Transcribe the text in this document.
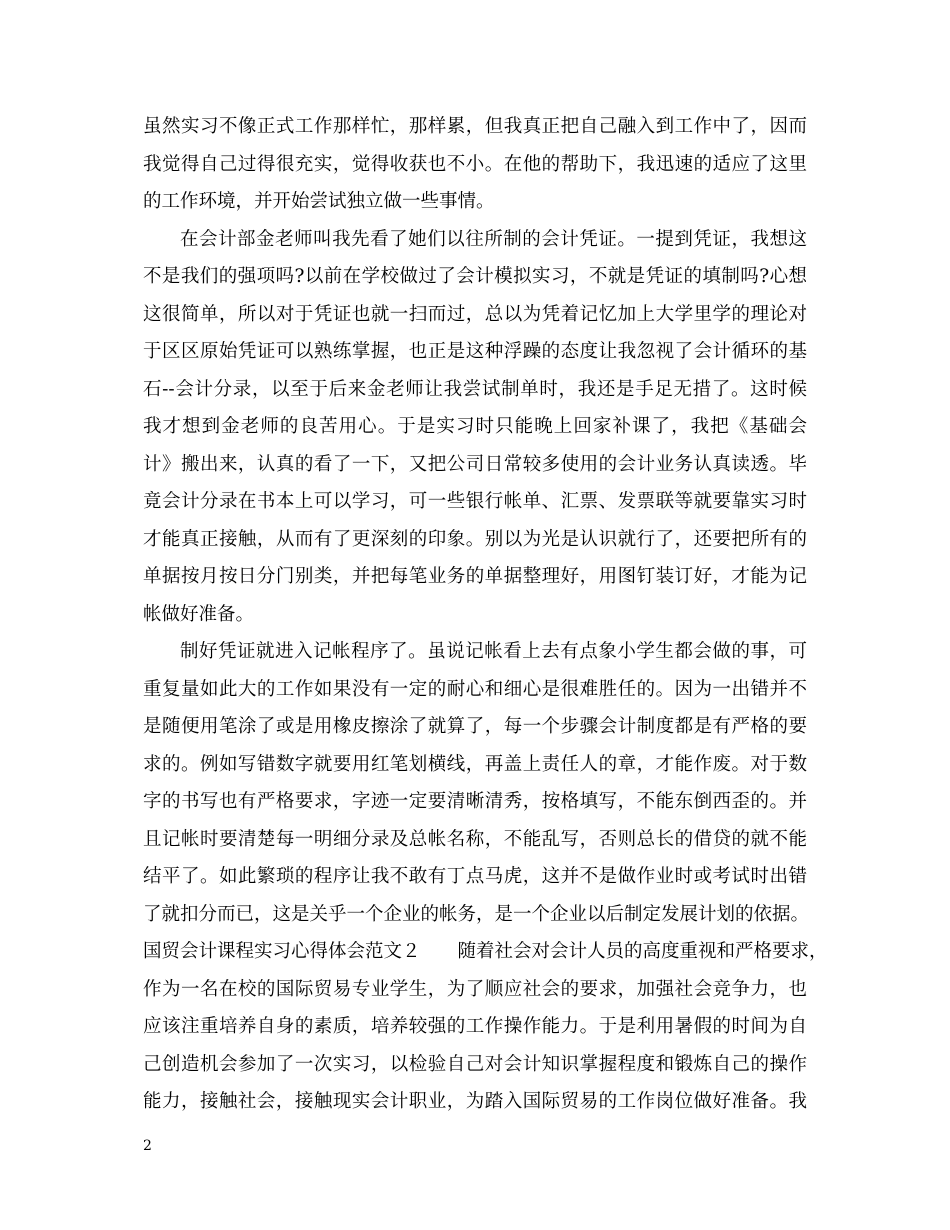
虽然实习不像正式工作那样忙，那样累，但我真正把自己融入到工作中了，因而
我觉得自己过得很充实，觉得收获也不小。在他的帮助下，我迅速的适应了这里
的工作环境，并开始尝试独立做一些事情。
在会计部金老师叫我先看了她们以往所制的会计凭证。一提到凭证，我想这
不是我们的强项吗?以前在学校做过了会计模拟实习，不就是凭证的填制吗?心想
这很简单，所以对于凭证也就一扫而过，总以为凭着记忆加上大学里学的理论对
于区区原始凭证可以熟练掌握，也正是这种浮躁的态度让我忽视了会计循环的基
石--会计分录，以至于后来金老师让我尝试制单时，我还是手足无措了。这时候
我才想到金老师的良苦用心。于是实习时只能晚上回家补课了，我把《基础会
计》搬出来，认真的看了一下，又把公司日常较多使用的会计业务认真读透。毕
竟会计分录在书本上可以学习，可一些银行帐单、汇票、发票联等就要靠实习时
才能真正接触，从而有了更深刻的印象。别以为光是认识就行了，还要把所有的
单据按月按日分门别类，并把每笔业务的单据整理好，用图钉装订好，才能为记
帐做好准备。
制好凭证就进入记帐程序了。虽说记帐看上去有点象小学生都会做的事，可
重复量如此大的工作如果没有一定的耐心和细心是很难胜任的。因为一出错并不
是随便用笔涂了或是用橡皮擦涂了就算了，每一个步骤会计制度都是有严格的要
求的。例如写错数字就要用红笔划横线，再盖上责任人的章，才能作废。对于数
字的书写也有严格要求，字迹一定要清晰清秀，按格填写，不能东倒西歪的。并
且记帐时要清楚每一明细分录及总帐名称，不能乱写，否则总长的借贷的就不能
结平了。如此繁琐的程序让我不敢有丁点马虎，这并不是做作业时或考试时出错
了就扣分而已，这是关乎一个企业的帐务，是一个企业以后制定发展计划的依据。
国贸会计课程实习心得体会范文２　　随着社会对会计人员的高度重视和严格要求，
作为一名在校的国际贸易专业学生，为了顺应社会的要求，加强社会竞争力，也
应该注重培养自身的素质，培养较强的工作操作能力。于是利用暑假的时间为自
己创造机会参加了一次实习，以检验自己对会计知识掌握程度和锻炼自己的操作
能力，接触社会，接触现实会计职业，为踏入国际贸易的工作岗位做好准备。我
2
